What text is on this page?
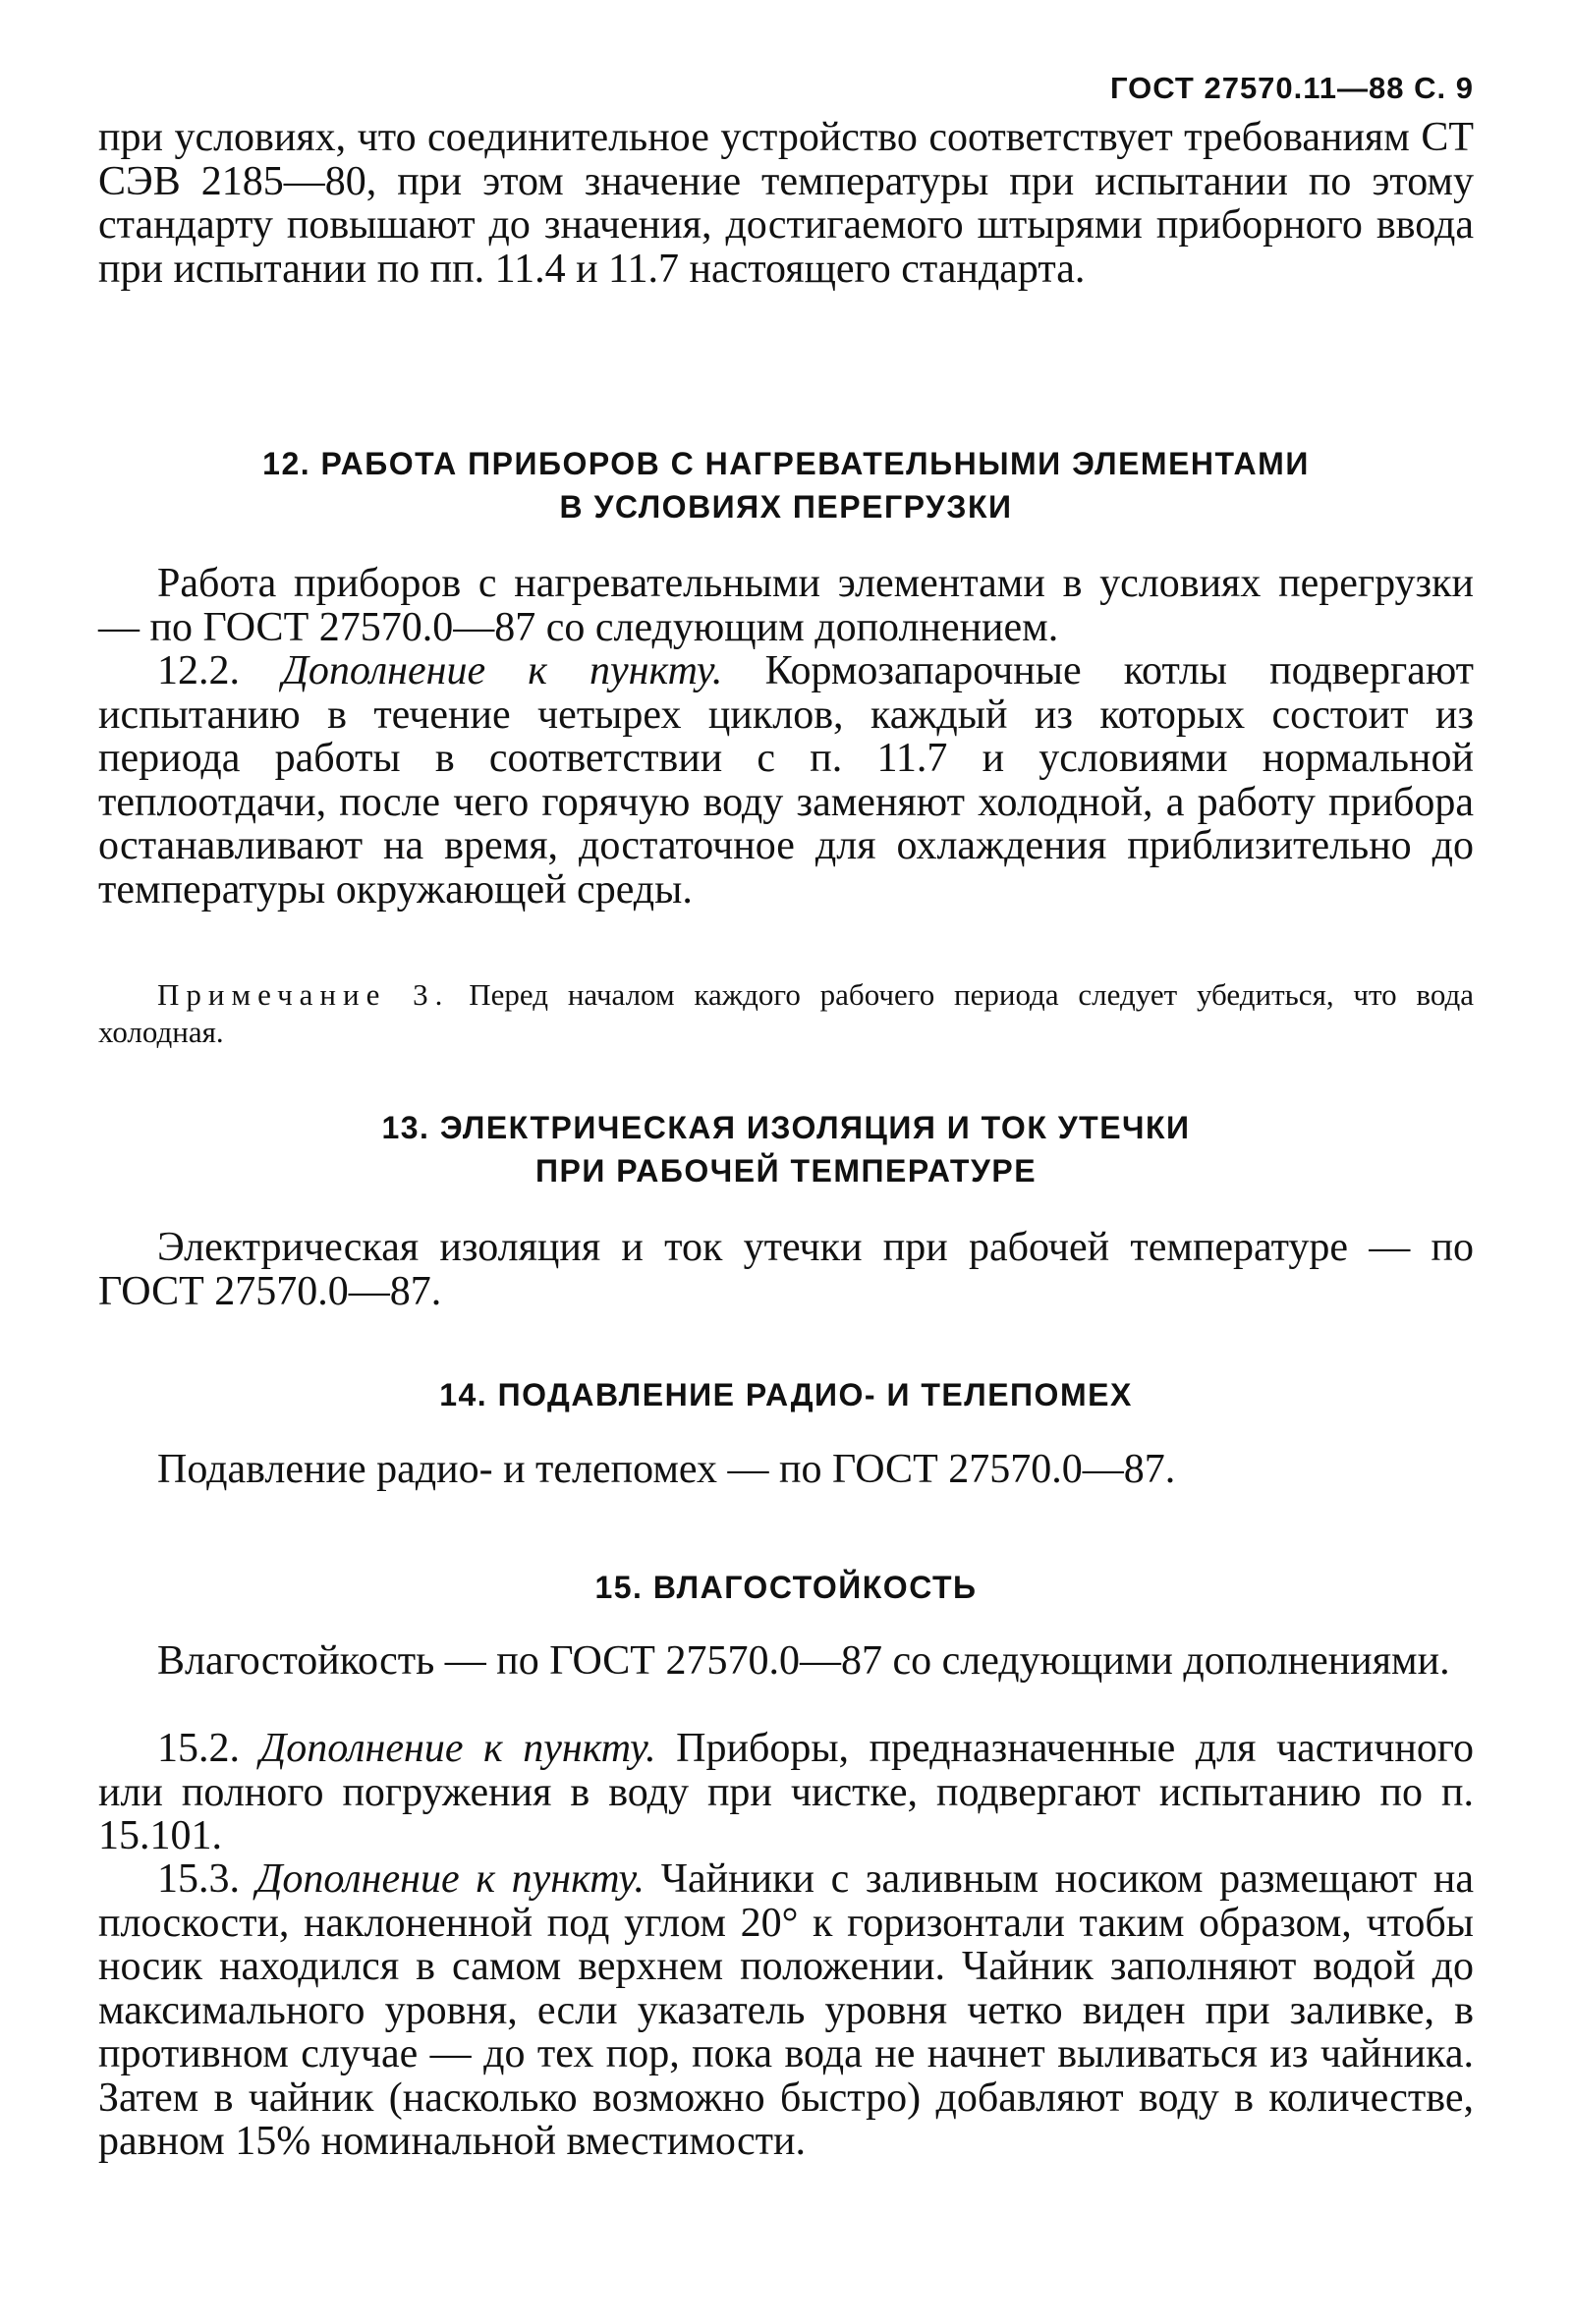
ГОСТ 27570.11—88 С. 9

при условиях, что соединительное устройство соответствует требованиям СТ СЭВ 2185—80, при этом значение температуры при испытании по этому стандарту повышают до значения, достигаемого штырями приборного ввода при испытании по пп. 11.4 и 11.7 настоящего стандарта.

12. РАБОТА ПРИБОРОВ С НАГРЕВАТЕЛЬНЫМИ ЭЛЕМЕНТАМИ
В УСЛОВИЯХ ПЕРЕГРУЗКИ

Работа приборов с нагревательными элементами в условиях перегрузки — по ГОСТ 27570.0—87 со следующим дополнением.

12.2. Дополнение к пункту. Кормозапарочные котлы подвергают испытанию в течение четырех циклов, каждый из которых состоит из периода работы в соответствии с п. 11.7 и условиями нормальной теплоотдачи, после чего горячую воду заменяют холодной, а работу прибора останавливают на время, достаточное для охлаждения приблизительно до температуры окружающей среды.

Примечание 3. Перед началом каждого рабочего периода следует убедиться, что вода холодная.

13. ЭЛЕКТРИЧЕСКАЯ ИЗОЛЯЦИЯ И ТОК УТЕЧКИ
ПРИ РАБОЧЕЙ ТЕМПЕРАТУРЕ

Электрическая изоляция и ток утечки при рабочей температуре — по ГОСТ 27570.0—87.

14. ПОДАВЛЕНИЕ РАДИО- И ТЕЛЕПОМЕХ

Подавление радио- и телепомех — по ГОСТ 27570.0—87.

15. ВЛАГОСТОЙКОСТЬ

Влагостойкость — по ГОСТ 27570.0—87 со следующими дополнениями.

15.2. Дополнение к пункту. Приборы, предназначенные для частичного или полного погружения в воду при чистке, подвергают испытанию по п. 15.101.

15.3. Дополнение к пункту. Чайники с заливным носиком размещают на плоскости, наклоненной под углом 20° к горизонтали таким образом, чтобы носик находился в самом верхнем положении. Чайник заполняют водой до максимального уровня, если указатель уровня четко виден при заливке, в противном случае — до тех пор, пока вода не начнет выливаться из чайника. Затем в чайник (насколько возможно быстро) добавляют воду в количестве, равном 15% номинальной вместимости.
